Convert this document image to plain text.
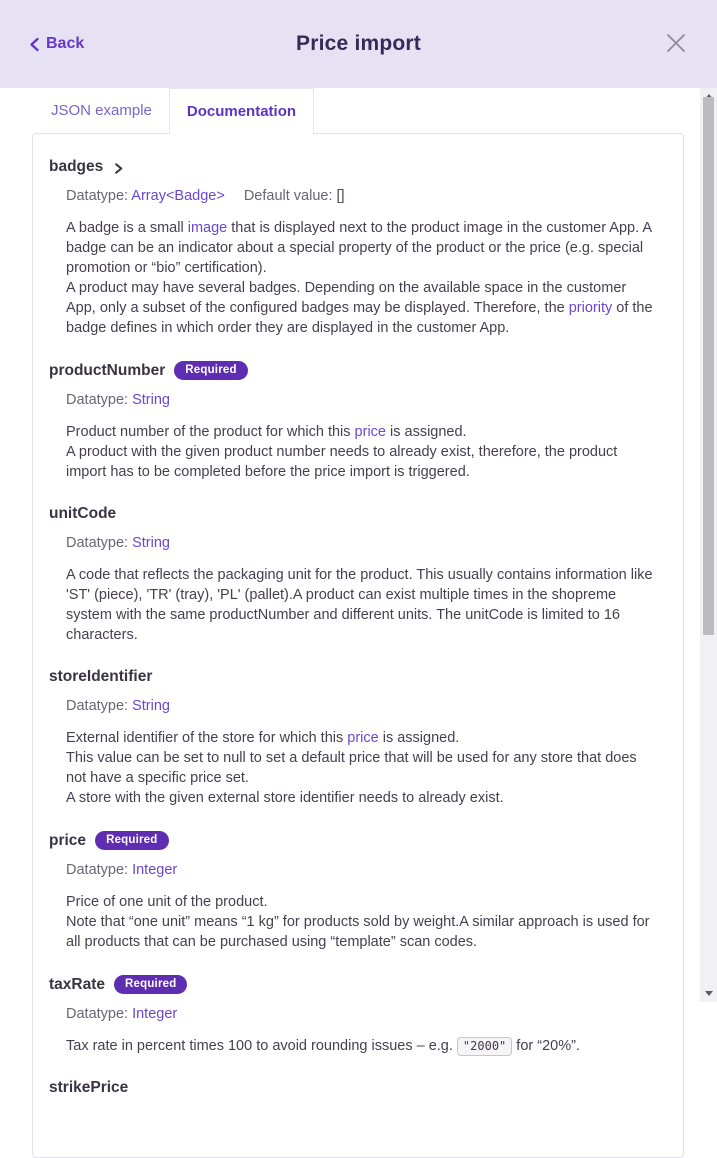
Back	Price import
JSON example	Documentation
badges
Datatype: Array<Badge> Default value: []

A badge is a small image that is displayed next to the product image in the customer App. A badge can be an indicator about a special property of the product or the price (e.g. special promotion or “bio” certification).

A product may have several badges. Depending on the available space in the customer App, only a subset of the configured badges may be displayed. Therefore, the priority of the badge defines in which order they are displayed in the customer App.

productNumber	Required
Datatype: String

Product number of the product for which this price is assigned.

A product with the given product number needs to already exist, therefore, the product import has to be completed before the price import is triggered.

unitCode
Datatype: String

A code that reflects the packaging unit for the product. This usually contains information like 'ST' (piece), 'TR' (tray), 'PL' (pallet).A product can exist multiple times in the shopreme system with the same productNumber and different units. The unitCode is limited to 16 characters.

storeIdentifier
Datatype: String

External identifier of the store for which this price is assigned.

This value can be set to null to set a default price that will be used for any store that does not have a specific price set.

A store with the given external store identifier needs to already exist.

price	Required
Datatype: Integer

Price of one unit of the product.

Note that “one unit” means “1 kg” for products sold by weight.A similar approach is used for all products that can be purchased using “template” scan codes.

taxRate	Required
Datatype: Integer

Tax rate in percent times 100 to avoid rounding issues – e.g. "2000" for “20%”.

strikePrice
